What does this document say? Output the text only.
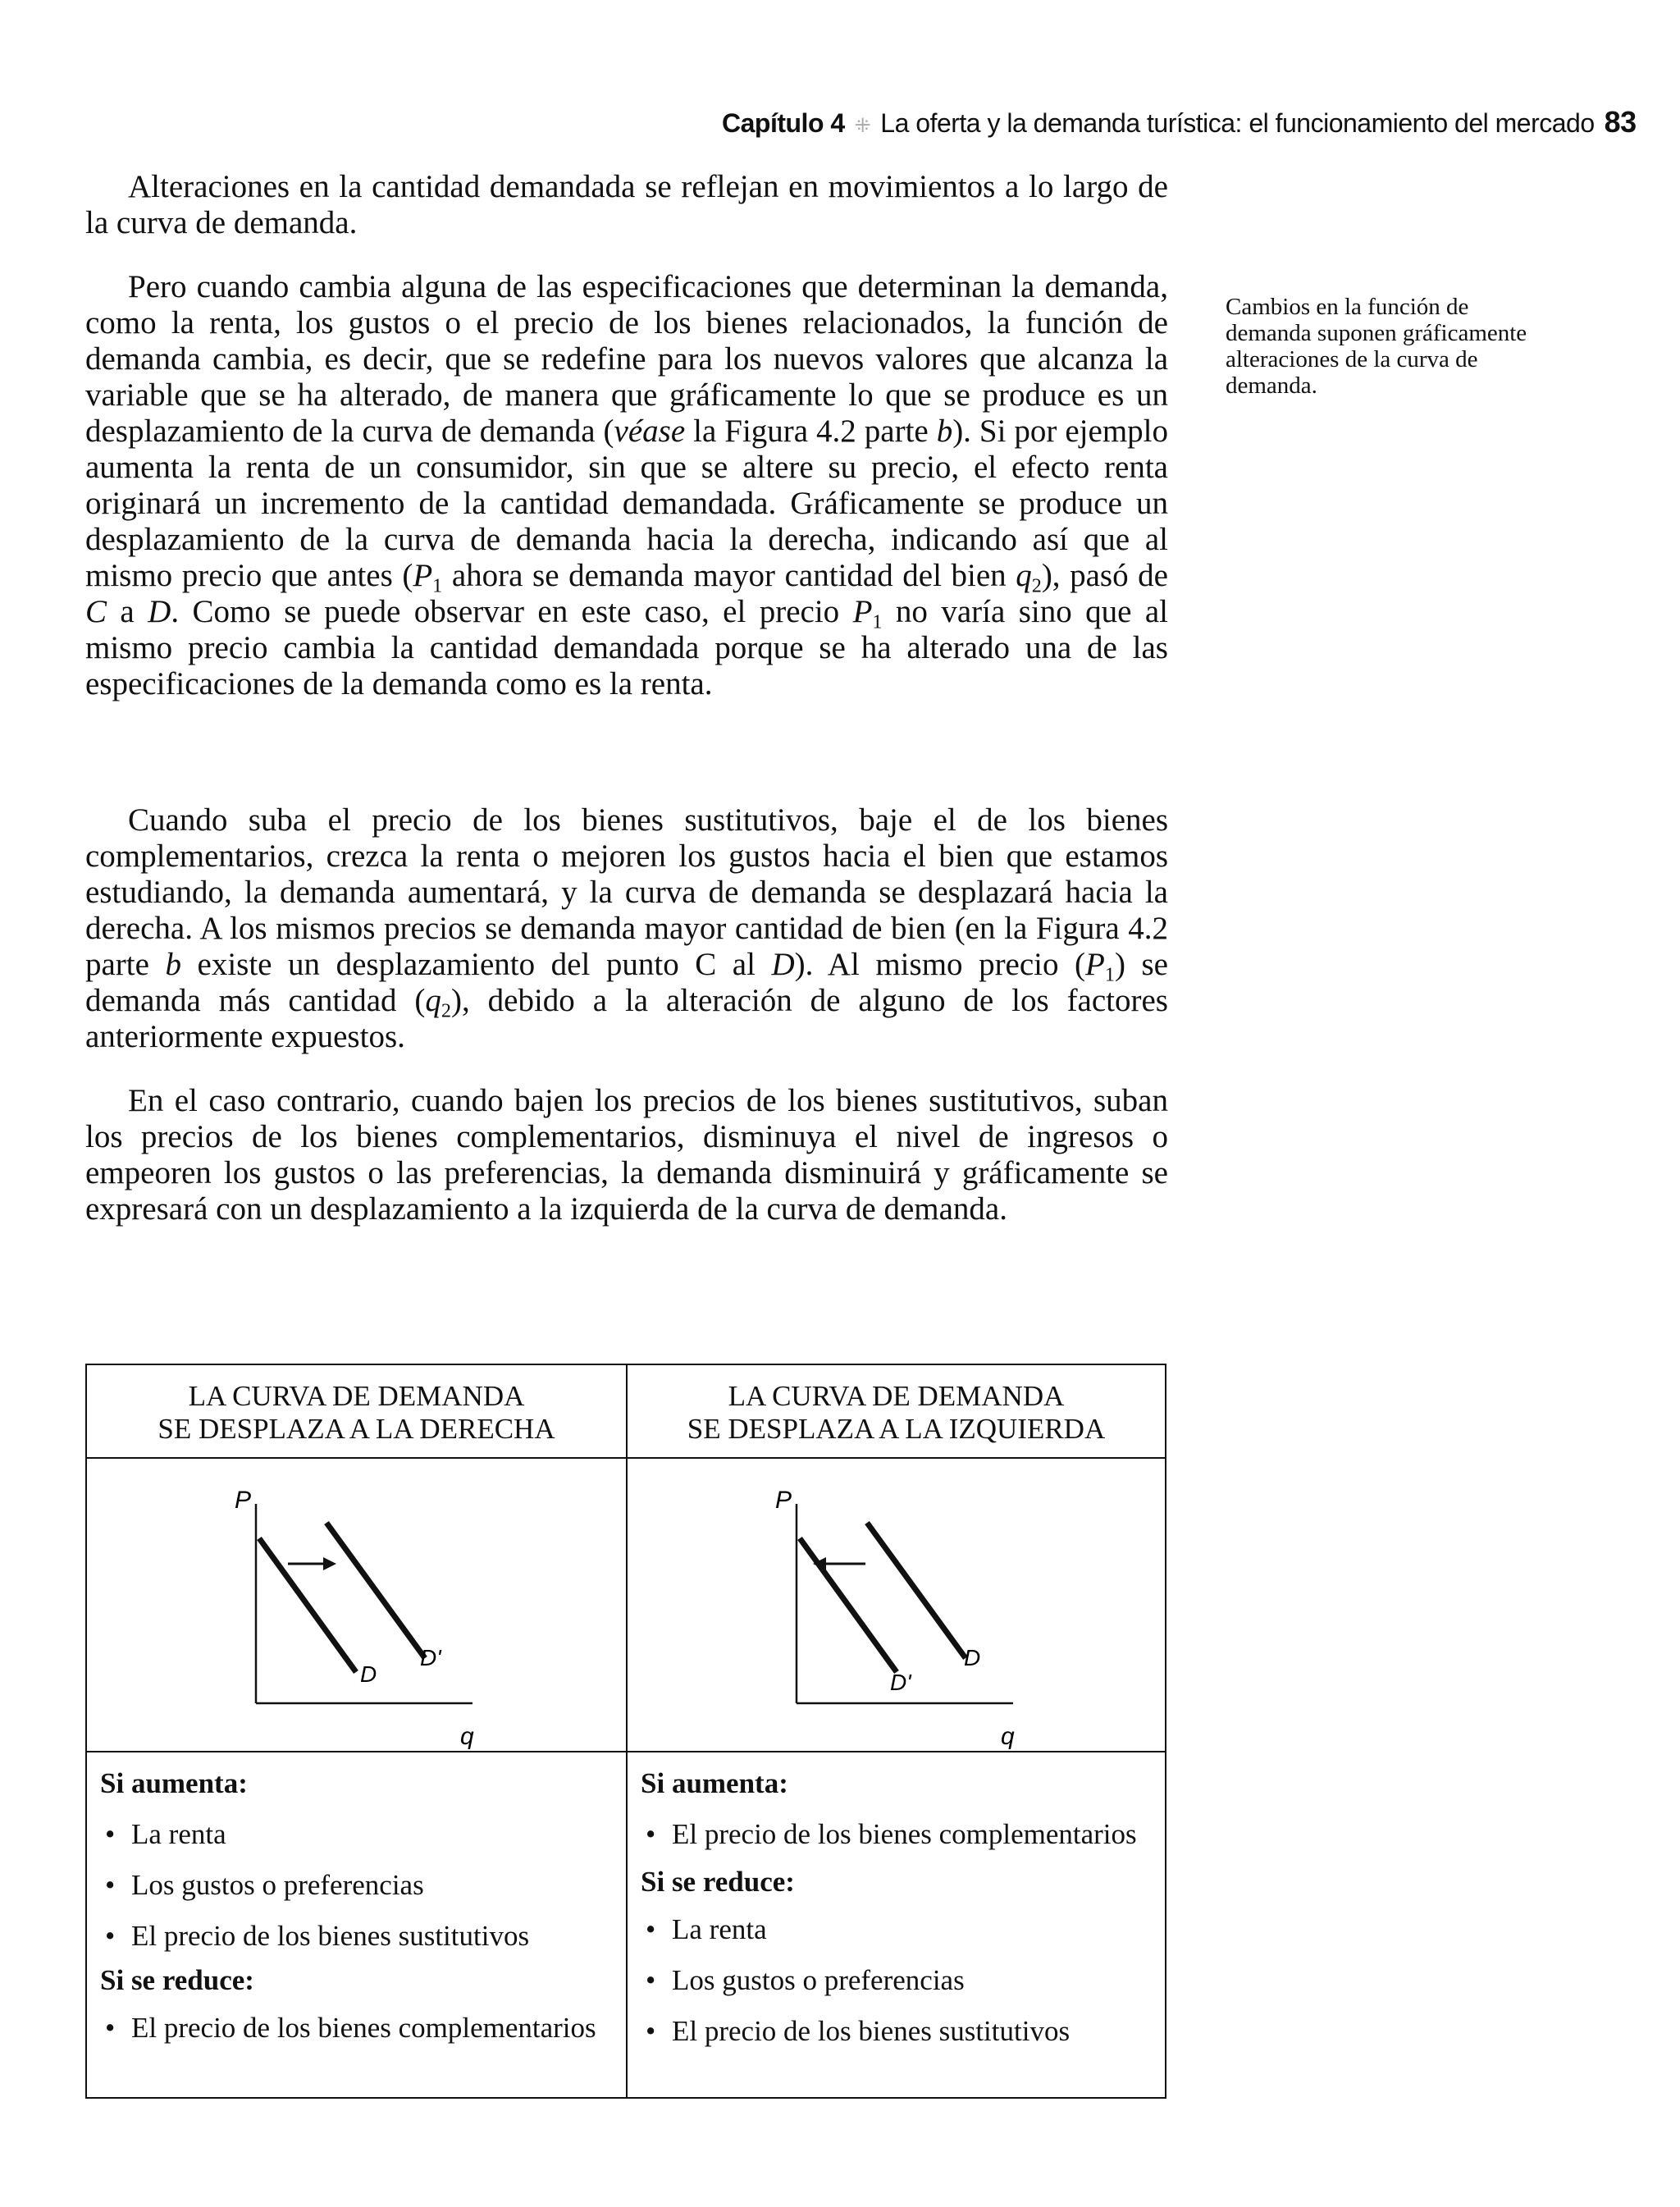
Capítulo 4 ⁜ La oferta y la demanda turística: el funcionamiento del mercado 83

Alteraciones en la cantidad demandada se reflejan en movimientos a lo largo de la curva de demanda.

Pero cuando cambia alguna de las especificaciones que determinan la demanda, como la renta, los gustos o el precio de los bienes relacionados, la función de demanda cambia, es decir, que se redefine para los nuevos valores que alcanza la variable que se ha alterado, de manera que gráficamente lo que se produce es un desplazamiento de la curva de demanda (véase la Figura 4.2 parte b). Si por ejemplo aumenta la renta de un consumidor, sin que se altere su precio, el efecto renta originará un incremento de la cantidad demandada. Gráficamente se produce un desplazamiento de la curva de demanda hacia la derecha, indicando así que al mismo precio que antes ($P_1$ ahora se demanda mayor cantidad del bien $q_2$), pasó de C a D. Como se puede observar en este caso, el precio $P_1$ no varía sino que al mismo precio cambia la cantidad demandada porque se ha alterado una de las especificaciones de la demanda como es la renta.

Cuando suba el precio de los bienes sustitutivos, baje el de los bienes complementarios, crezca la renta o mejoren los gustos hacia el bien que estamos estudiando, la demanda aumentará, y la curva de demanda se desplazará hacia la derecha. A los mismos precios se demanda mayor cantidad de bien (en la Figura 4.2 parte b existe un desplazamiento del punto C al D). Al mismo precio $(P_1)$ se demanda más cantidad $(q_2)$, debido a la alteración de alguno de los factores anteriormente expuestos.

En el caso contrario, cuando bajen los precios de los bienes sustitutivos, suban los precios de los bienes complementarios, disminuya el nivel de ingresos o empeoren los gustos o las preferencias, la demanda disminuirá y gráficamente se expresará con un desplazamiento a la izquierda de la curva de demanda.

Cambios en la función de demanda suponen gráficamente alteraciones de la curva de demanda.
LA CURVA DE DEMANDA
SE DESPLAZA A LA DERECHA
P
q
D
D'
Si aumenta:
• La renta
• Los gustos o preferencias
• El precio de los bienes sustitutivos
Si se reduce:
• El precio de los bienes complementarios
LA CURVA DE DEMANDA
SE DESPLAZA A LA IZQUIERDA
P
q
D'
D
Si aumenta:
• El precio de los bienes complementarios
Si se reduce:
• La renta
• Los gustos o preferencias
• El precio de los bienes sustitutivos
